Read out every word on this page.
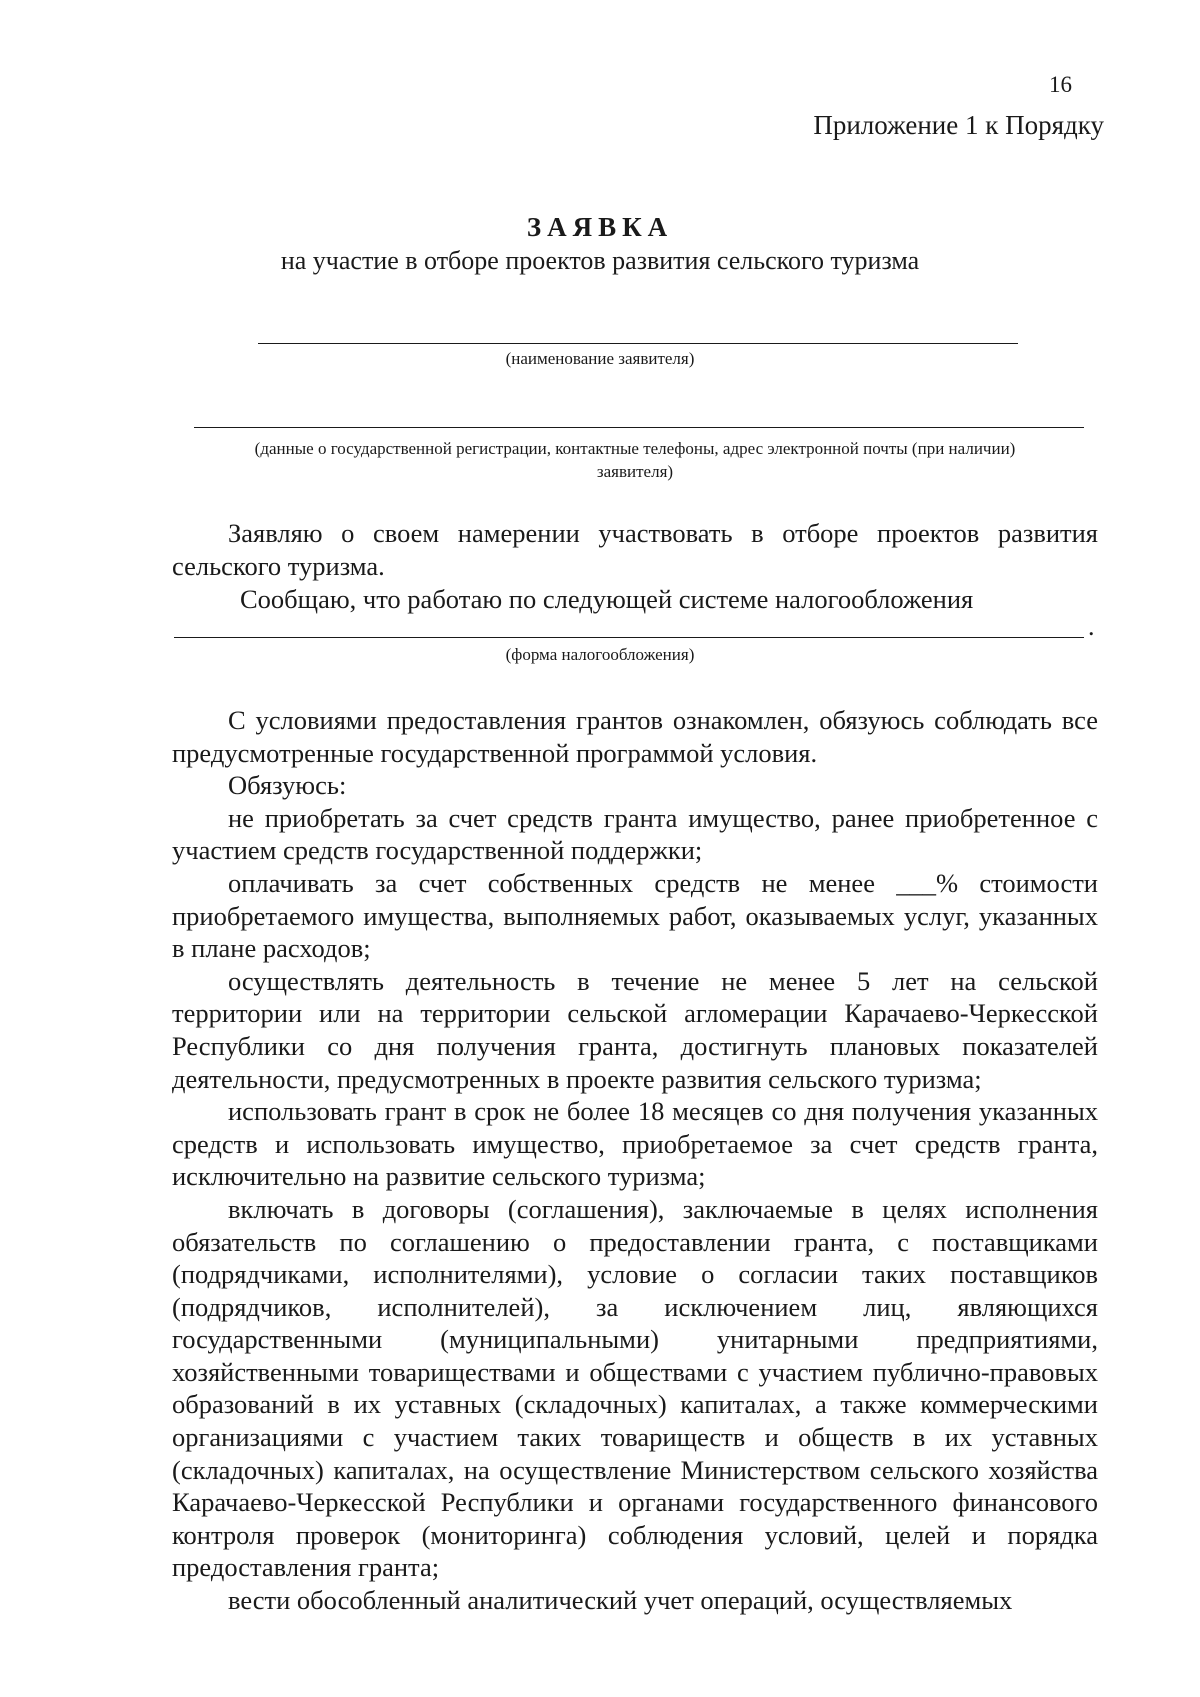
16
Приложение 1 к Порядку
ЗАЯВКА
на участие в отборе проектов развития сельского туризма
(наименование заявителя)
(данные о государственной регистрации, контактные телефоны, адрес электронной почты (при наличии)
заявителя)

Заявляю о своем намерении участвовать в отборе проектов развития сельского туризма.

Сообщаю, что работаю по следующей системе налогообложения

.
(форма налогообложения)

С условиями предоставления грантов ознакомлен, обязуюсь соблюдать все предусмотренные государственной программой условия.

Обязуюсь:

не приобретать за счет средств гранта имущество, ранее приобретенное с участием средств государственной поддержки;

оплачивать за счет собственных средств не менее ___% стоимости приобретаемого имущества, выполняемых работ, оказываемых услуг, указанных в плане расходов;

осуществлять деятельность в течение не менее 5 лет на сельской территории или на территории сельской агломерации Карачаево-Черкесской Республики со дня получения гранта, достигнуть плановых показателей деятельности, предусмотренных в проекте развития сельского туризма;

использовать грант в срок не более 18 месяцев со дня получения указанных средств и использовать имущество, приобретаемое за счет средств гранта, исключительно на развитие сельского туризма;

включать в договоры (соглашения), заключаемые в целях исполнения обязательств по соглашению о предоставлении гранта, с поставщиками (подрядчиками, исполнителями), условие о согласии таких поставщиков (подрядчиков, исполнителей), за исключением лиц, являющихся государственными (муниципальными) унитарными предприятиями, хозяйственными товариществами и обществами с участием публично-правовых образований в их уставных (складочных) капиталах, а также коммерческими организациями с участием таких товариществ и обществ в их уставных (складочных) капиталах, на осуществление Министерством сельского хозяйства Карачаево-Черкесской Республики и органами государственного финансового контроля проверок (мониторинга) соблюдения условий, целей и порядка предоставления гранта;

вести обособленный аналитический учет операций, осуществляемых
